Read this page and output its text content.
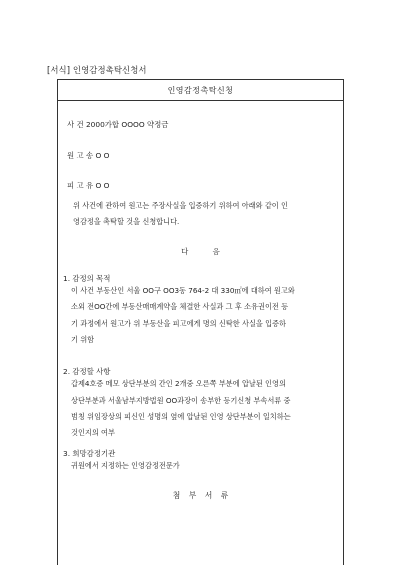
[서식] 인영감정촉탁신청서
인영감정촉탁신청
사 건 2000가합 OOOO 약정금
원 고 송 O O
피 고 유 O O
위 사건에 관하여 원고는 주장사실을 입증하기 위하여 아래와 같이 인
영감정을 촉탁할 것을 신청합니다.
다 음
1. 감정의 목적
이 사건 부동산인 서울 OO구 OO3동 764-2 대 330㎡에 대하여 원고와
소외 전OO간에 부동산매매계약을 체결한 사실과 그 후 소유권이전 등
기 과정에서 원고가 위 부동산을 피고에게 명의 신탁한 사실을 입증하
기 위함
2. 감정할 사항
갑제4호증 메모 상단부분의 간인 2개중 오른쪽 부분에 압날된 인영의
상단부분과 서울남부지방법원 OO과장이 송부한 등기신청 부속서류 중
범칭 위임장상의 피신인 성명의 옆에 압날된 인영 상단부분이 일치하는
것인지의 여부
3. 희망감정기관
귀원에서 지정하는 인영감정전문가
첨 부 서 류
